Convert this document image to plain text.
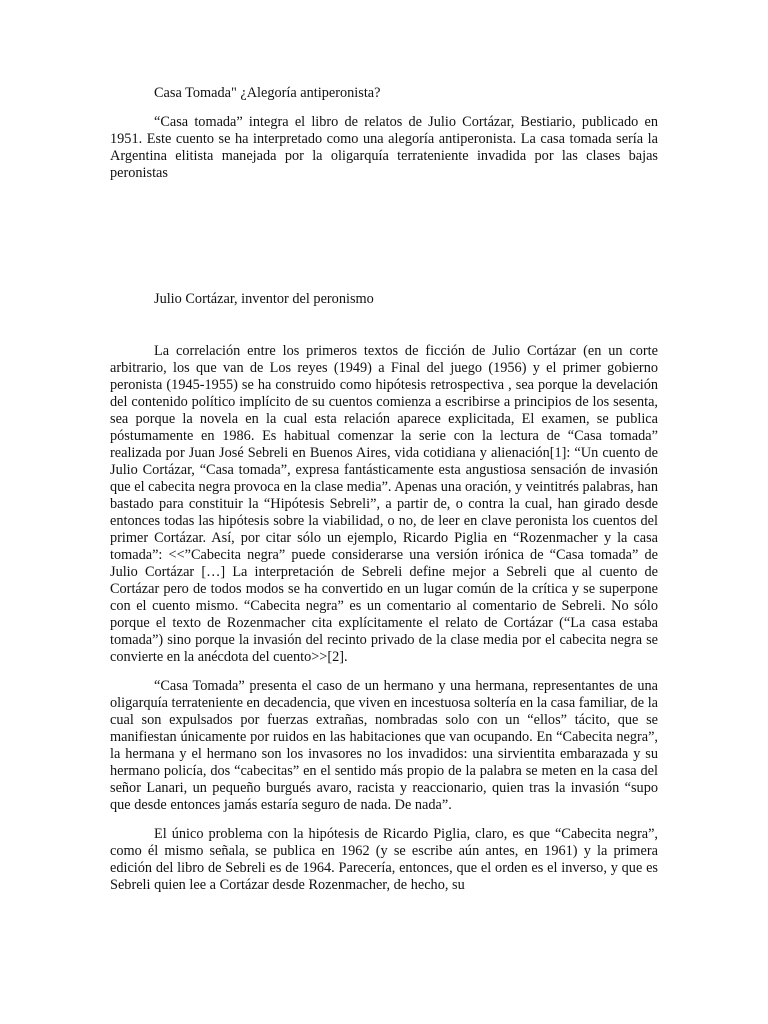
Casa Tomada" ¿Alegoría antiperonista?

“Casa tomada” integra el libro de relatos de Julio Cortázar, Bestiario, publicado en 1951. Este cuento se ha interpretado como una alegoría antiperonista. La casa tomada sería la Argentina elitista manejada por la oligarquía terrateniente invadida por las clases bajas peronistas

Julio Cortázar, inventor del peronismo

La correlación entre los primeros textos de ficción de Julio Cortázar (en un corte arbitrario, los que van de Los reyes (1949) a Final del juego (1956) y el primer gobierno peronista (1945-1955) se ha construido como hipótesis retrospectiva , sea porque la develación del contenido político implícito de su cuentos comienza a escribirse a principios de los sesenta, sea porque la novela en la cual esta relación aparece explicitada, El examen, se publica póstumamente en 1986. Es habitual comenzar la serie con la lectura de “Casa tomada” realizada por Juan José Sebreli en Buenos Aires, vida cotidiana y alienación[1]: “Un cuento de Julio Cortázar, “Casa tomada”, expresa fantásticamente esta angustiosa sensación de invasión que el cabecita negra provoca en la clase media”. Apenas una oración, y veintitrés palabras, han bastado para constituir la “Hipótesis Sebreli”, a partir de, o contra la cual, han girado desde entonces todas las hipótesis sobre la viabilidad, o no, de leer en clave peronista los cuentos del primer Cortázar. Así, por citar sólo un ejemplo, Ricardo Piglia en “Rozenmacher y la casa tomada”: <<”Cabecita negra” puede considerarse una versión irónica de “Casa tomada” de Julio Cortázar […] La interpretación de Sebreli define mejor a Sebreli que al cuento de Cortázar pero de todos modos se ha convertido en un lugar común de la crítica y se superpone con el cuento mismo. “Cabecita negra” es un comentario al comentario de Sebreli. No sólo porque el texto de Rozenmacher cita explícitamente el relato de Cortázar (“La casa estaba tomada”) sino porque la invasión del recinto privado de la clase media por el cabecita negra se convierte en la anécdota del cuento>>[2].

“Casa Tomada” presenta el caso de un hermano y una hermana, representantes de una oligarquía terrateniente en decadencia, que viven en incestuosa soltería en la casa familiar, de la cual son expulsados por fuerzas extrañas, nombradas solo con un “ellos” tácito, que se manifiestan únicamente por ruidos en las habitaciones que van ocupando. En “Cabecita negra”, la hermana y el hermano son los invasores no los invadidos: una sirvientita embarazada y su hermano policía, dos “cabecitas” en el sentido más propio de la palabra se meten en la casa del señor Lanari, un pequeño burgués avaro, racista y reaccionario, quien tras la invasión “supo que desde entonces jamás estaría seguro de nada. De nada”.

El único problema con la hipótesis de Ricardo Piglia, claro, es que “Cabecita negra”, como él mismo señala, se publica en 1962 (y se escribe aún antes, en 1961) y la primera edición del libro de Sebreli es de 1964. Parecería, entonces, que el orden es el inverso, y que es Sebreli quien lee a Cortázar desde Rozenmacher, de hecho, su
